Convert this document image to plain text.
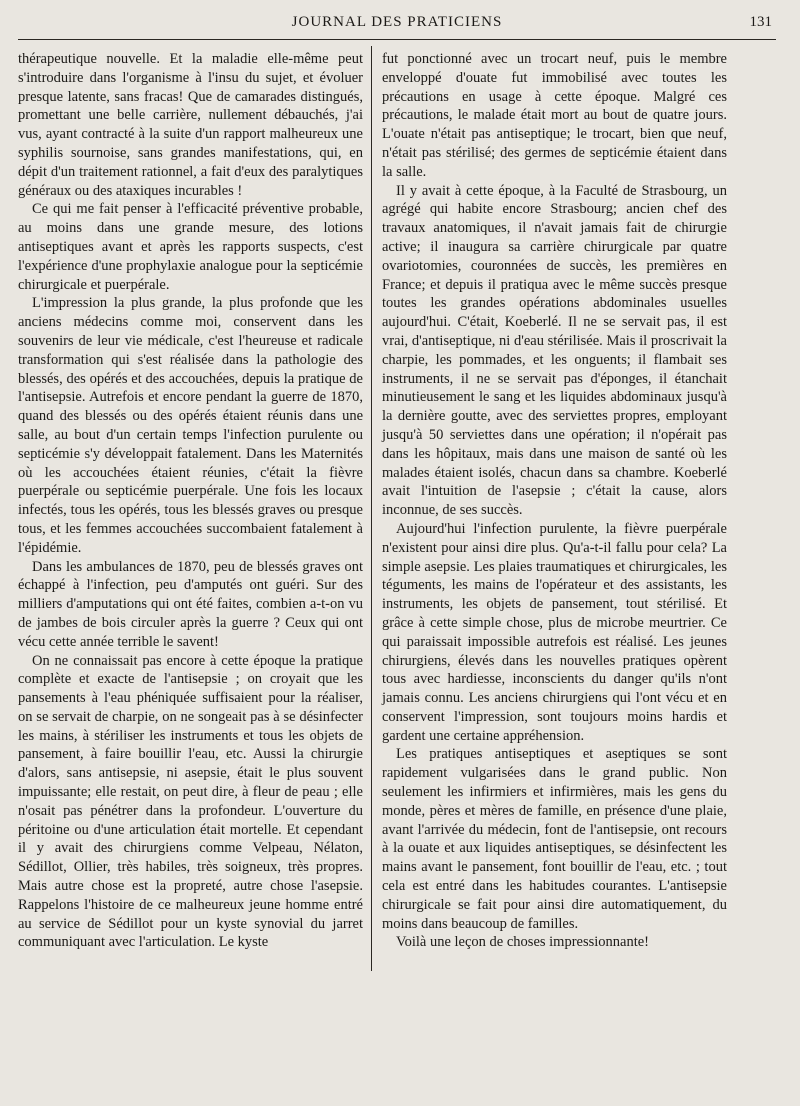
JOURNAL DES PRATICIENS	131

thérapeutique nouvelle. Et la maladie elle-même peut s'introduire dans l'organisme à l'insu du sujet, et évoluer presque latente, sans fracas! Que de camarades distingués, promettant une belle carrière, nullement débauchés, j'ai vus, ayant contracté à la suite d'un rapport malheureux une syphilis sournoise, sans grandes manifestations, qui, en dépit d'un traitement rationnel, a fait d'eux des paralytiques généraux ou des ataxiques incurables !

Ce qui me fait penser à l'efficacité préventive probable, au moins dans une grande mesure, des lotions antiseptiques avant et après les rapports suspects, c'est l'expérience d'une prophylaxie analogue pour la septicémie chirurgicale et puerpérale.

L'impression la plus grande, la plus profonde que les anciens médecins comme moi, conservent dans les souvenirs de leur vie médicale, c'est l'heureuse et radicale transformation qui s'est réalisée dans la pathologie des blessés, des opérés et des accouchées, depuis la pratique de l'antisepsie. Autrefois et encore pendant la guerre de 1870, quand des blessés ou des opérés étaient réunis dans une salle, au bout d'un certain temps l'infection purulente ou septicémie s'y développait fatalement. Dans les Maternités où les accouchées étaient réunies, c'était la fièvre puerpérale ou septicémie puerpérale. Une fois les locaux infectés, tous les opérés, tous les blessés graves ou presque tous, et les femmes accouchées succombaient fatalement à l'épidémie.

Dans les ambulances de 1870, peu de blessés graves ont échappé à l'infection, peu d'amputés ont guéri. Sur des milliers d'amputations qui ont été faites, combien a-t-on vu de jambes de bois circuler après la guerre ? Ceux qui ont vécu cette année terrible le savent!

On ne connaissait pas encore à cette époque la pratique complète et exacte de l'antisepsie ; on croyait que les pansements à l'eau phéniquée suffisaient pour la réaliser, on se servait de charpie, on ne songeait pas à se désinfecter les mains, à stériliser les instruments et tous les objets de pansement, à faire bouillir l'eau, etc. Aussi la chirurgie d'alors, sans antisepsie, ni asepsie, était le plus souvent impuissante; elle restait, on peut dire, à fleur de peau ; elle n'osait pas pénétrer dans la profondeur. L'ouverture du péritoine ou d'une articulation était mortelle. Et cependant il y avait des chirurgiens comme Velpeau, Nélaton, Sédillot, Ollier, très habiles, très soigneux, très propres. Mais autre chose est la propreté, autre chose l'asepsie. Rappelons l'histoire de ce malheureux jeune homme entré au service de Sédillot pour un kyste synovial du jarret communiquant avec l'articulation. Le kyste

fut ponctionné avec un trocart neuf, puis le membre enveloppé d'ouate fut immobilisé avec toutes les précautions en usage à cette époque. Malgré ces précautions, le malade était mort au bout de quatre jours. L'ouate n'était pas antiseptique; le trocart, bien que neuf, n'était pas stérilisé; des germes de septicémie étaient dans la salle.

Il y avait à cette époque, à la Faculté de Strasbourg, un agrégé qui habite encore Strasbourg; ancien chef des travaux anatomiques, il n'avait jamais fait de chirurgie active; il inaugura sa carrière chirurgicale par quatre ovariotomies, couronnées de succès, les premières en France; et depuis il pratiqua avec le même succès presque toutes les grandes opérations abdominales usuelles aujourd'hui. C'était, Koeberlé. Il ne se servait pas, il est vrai, d'antiseptique, ni d'eau stérilisée. Mais il proscrivait la charpie, les pommades, et les onguents; il flambait ses instruments, il ne se servait pas d'éponges, il étanchait minutieusement le sang et les liquides abdominaux jusqu'à la dernière goutte, avec des serviettes propres, employant jusqu'à 50 serviettes dans une opération; il n'opérait pas dans les hôpitaux, mais dans une maison de santé où les malades étaient isolés, chacun dans sa chambre. Koeberlé avait l'intuition de l'asepsie ; c'était la cause, alors inconnue, de ses succès.

Aujourd'hui l'infection purulente, la fièvre puerpérale n'existent pour ainsi dire plus. Qu'a-t-il fallu pour cela? La simple asepsie. Les plaies traumatiques et chirurgicales, les téguments, les mains de l'opérateur et des assistants, les instruments, les objets de pansement, tout stérilisé. Et grâce à cette simple chose, plus de microbe meurtrier. Ce qui paraissait impossible autrefois est réalisé. Les jeunes chirurgiens, élevés dans les nouvelles pratiques opèrent tous avec hardiesse, inconscients du danger qu'ils n'ont jamais connu. Les anciens chirurgiens qui l'ont vécu et en conservent l'impression, sont toujours moins hardis et gardent une certaine appréhension.

Les pratiques antiseptiques et aseptiques se sont rapidement vulgarisées dans le grand public. Non seulement les infirmiers et infirmières, mais les gens du monde, pères et mères de famille, en présence d'une plaie, avant l'arrivée du médecin, font de l'antisepsie, ont recours à la ouate et aux liquides antiseptiques, se désinfectent les mains avant le pansement, font bouillir de l'eau, etc. ; tout cela est entré dans les habitudes courantes. L'antisepsie chirurgicale se fait pour ainsi dire automatiquement, du moins dans beaucoup de familles.

Voilà une leçon de choses impressionnante!
